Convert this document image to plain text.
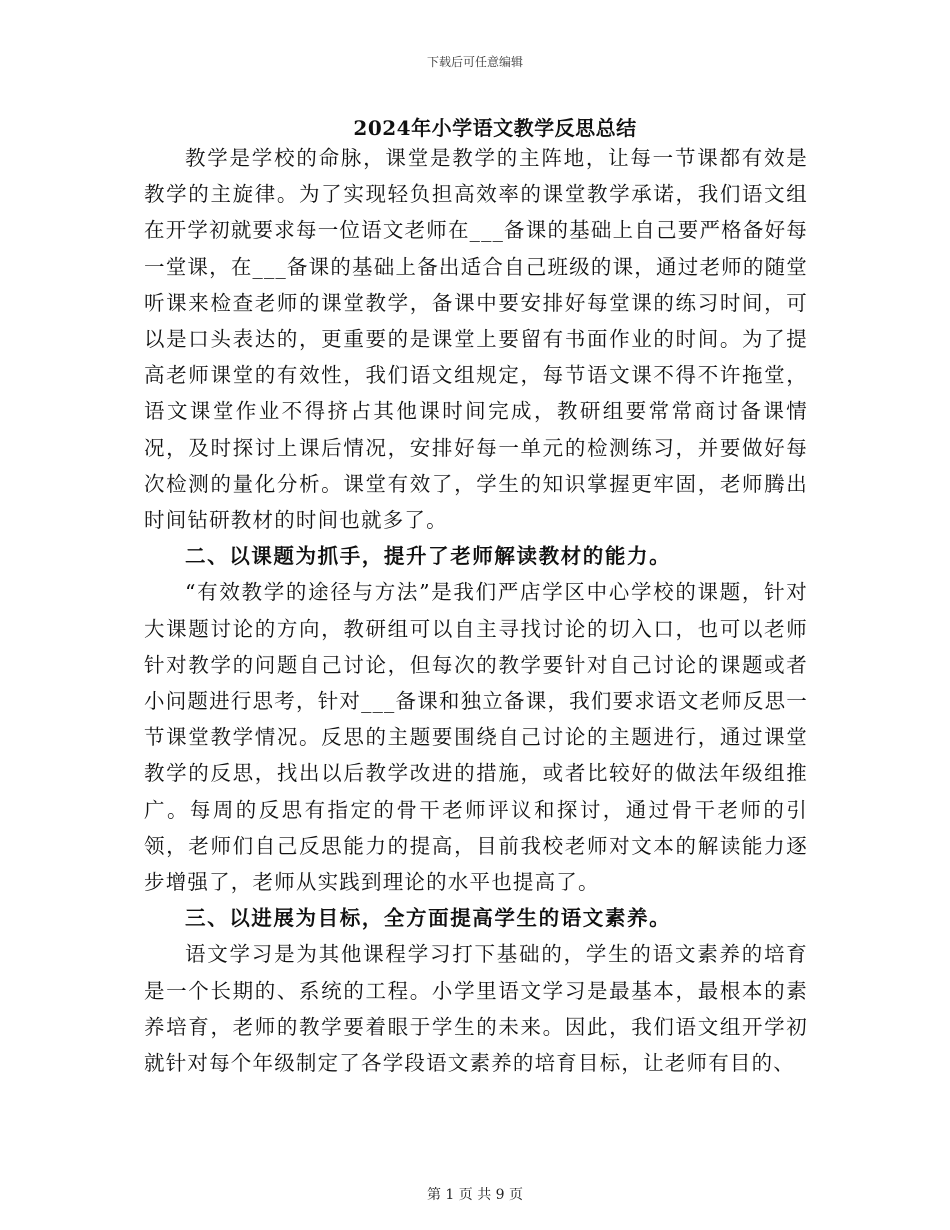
下载后可任意编辑
2024年小学语文教学反思总结

教学是学校的命脉，课堂是教学的主阵地，让每一节课都有效是教学的主旋律。为了实现轻负担高效率的课堂教学承诺，我们语文组在开学初就要求每一位语文老师在___备课的基础上自己要严格备好每一堂课，在___备课的基础上备出适合自己班级的课，通过老师的随堂听课来检查老师的课堂教学，备课中要安排好每堂课的练习时间，可以是口头表达的，更重要的是课堂上要留有书面作业的时间。为了提高老师课堂的有效性，我们语文组规定，每节语文课不得不许拖堂，语文课堂作业不得挤占其他课时间完成，教研组要常常商讨备课情况，及时探讨上课后情况，安排好每一单元的检测练习，并要做好每次检测的量化分析。课堂有效了，学生的知识掌握更牢固，老师腾出时间钻研教材的时间也就多了。

二、以课题为抓手，提升了老师解读教材的能力。

“有效教学的途径与方法”是我们严店学区中心学校的课题，针对大课题讨论的方向，教研组可以自主寻找讨论的切入口，也可以老师针对教学的问题自己讨论，但每次的教学要针对自己讨论的课题或者小问题进行思考，针对___备课和独立备课，我们要求语文老师反思一节课堂教学情况。反思的主题要围绕自己讨论的主题进行，通过课堂教学的反思，找出以后教学改进的措施，或者比较好的做法年级组推广。每周的反思有指定的骨干老师评议和探讨，通过骨干老师的引领，老师们自己反思能力的提高，目前我校老师对文本的解读能力逐步增强了，老师从实践到理论的水平也提高了。

三、以进展为目标，全方面提高学生的语文素养。

语文学习是为其他课程学习打下基础的，学生的语文素养的培育是一个长期的、系统的工程。小学里语文学习是最基本，最根本的素养培育，老师的教学要着眼于学生的未来。因此，我们语文组开学初就针对每个年级制定了各学段语文素养的培育目标，让老师有目的、

第 1 页 共 9 页
